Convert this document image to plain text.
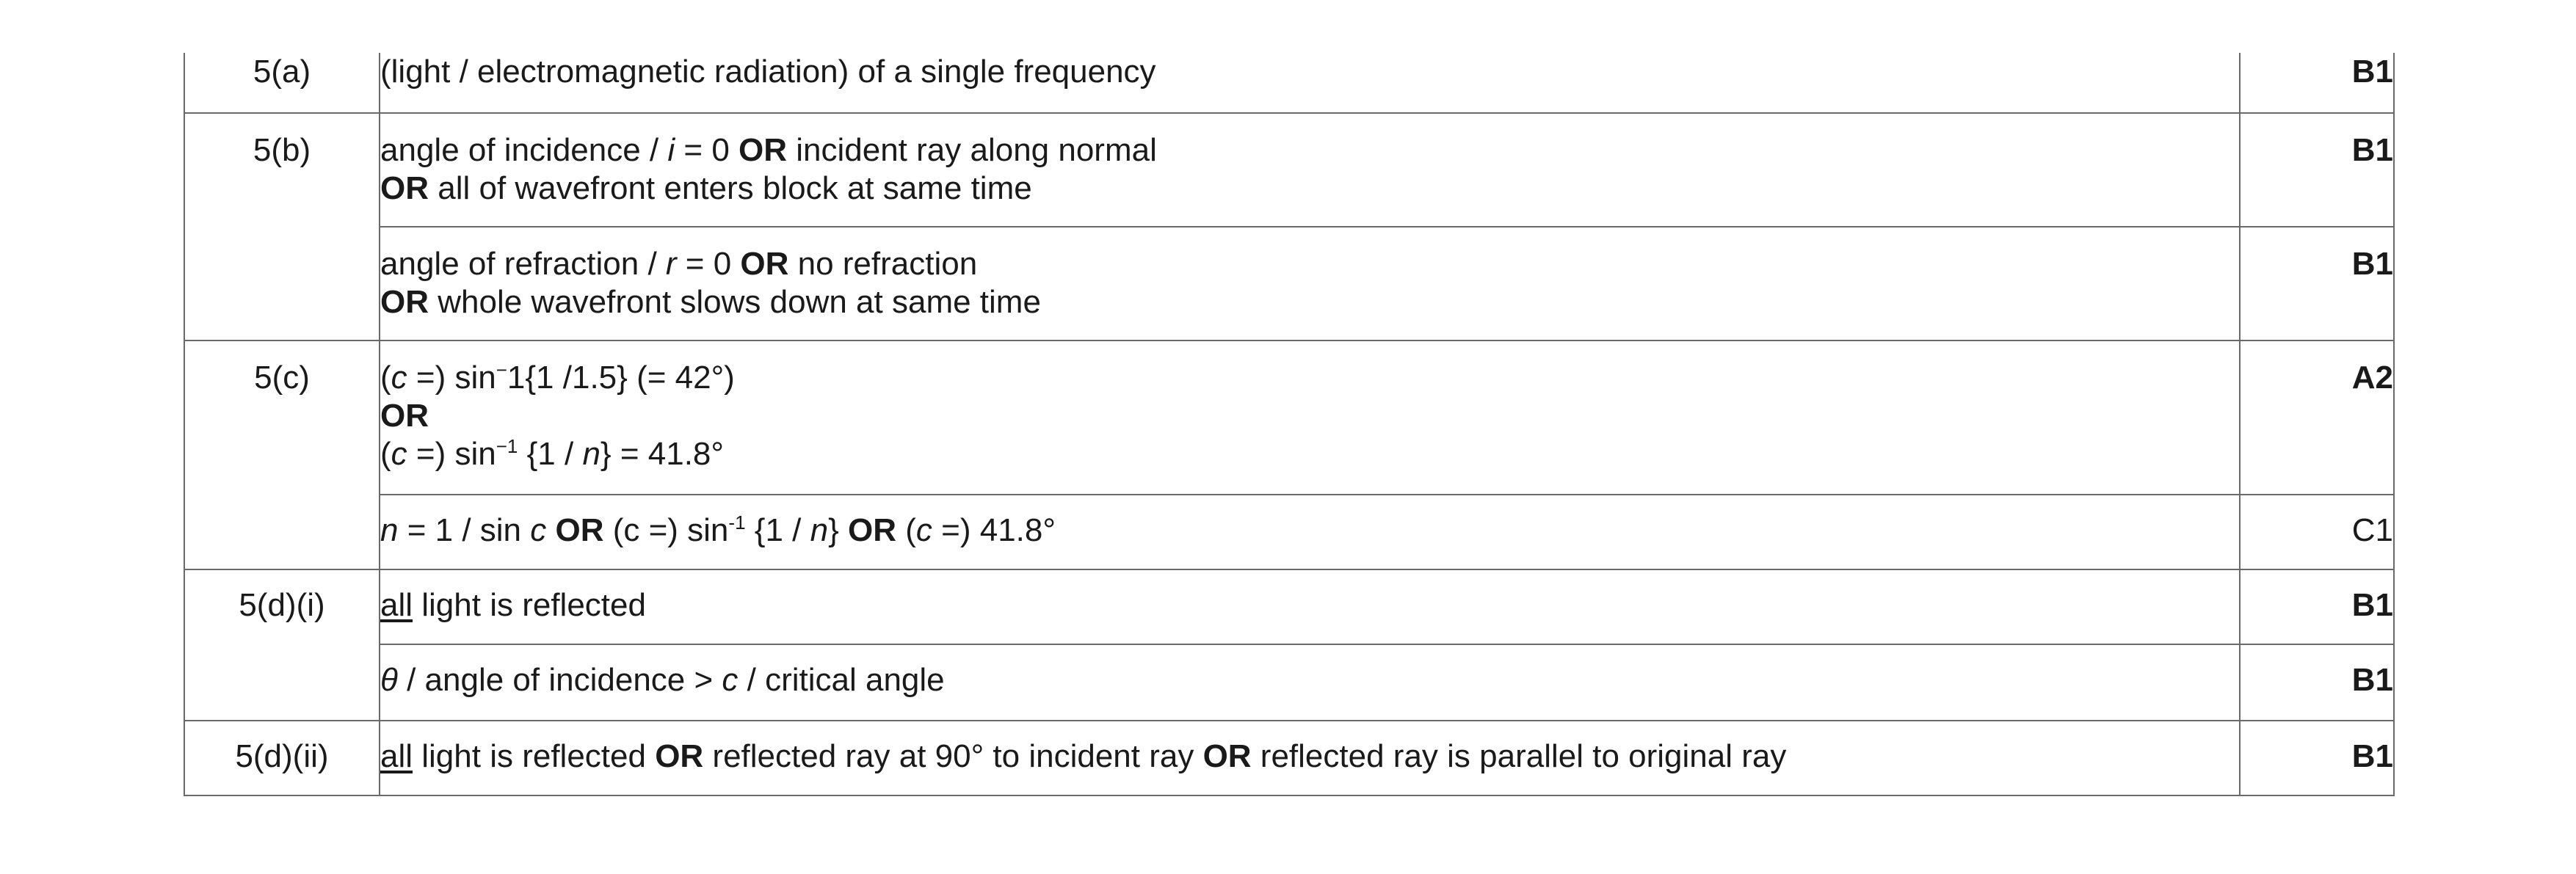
5(a)	(light / electromagnetic radiation) of a single frequency	B1
5(b)	angle of incidence / i = 0 OR incident ray along normal
OR all of wavefront enters block at same time	B1

	angle of refraction / r = 0 OR no refraction
OR whole wavefront slows down at same time	B1
5(c)	(c =) sin−1{1 /1.5} (= 42°)
OR
(c =) $\sin^{-1} \{1 / n\} = 41.8^\circ$	A2
	n = 1 / sin c OR (c =) $\sin^{-1} \{1 / n\}$ OR (c =) 41.8°	C1
5(d)(i)	all light is reflected	B1
	θ / angle of incidence > c / critical angle	B1
5(d)(ii)	all light is reflected OR reflected ray at 90° to incident ray OR reflected ray is parallel to original ray	B1
